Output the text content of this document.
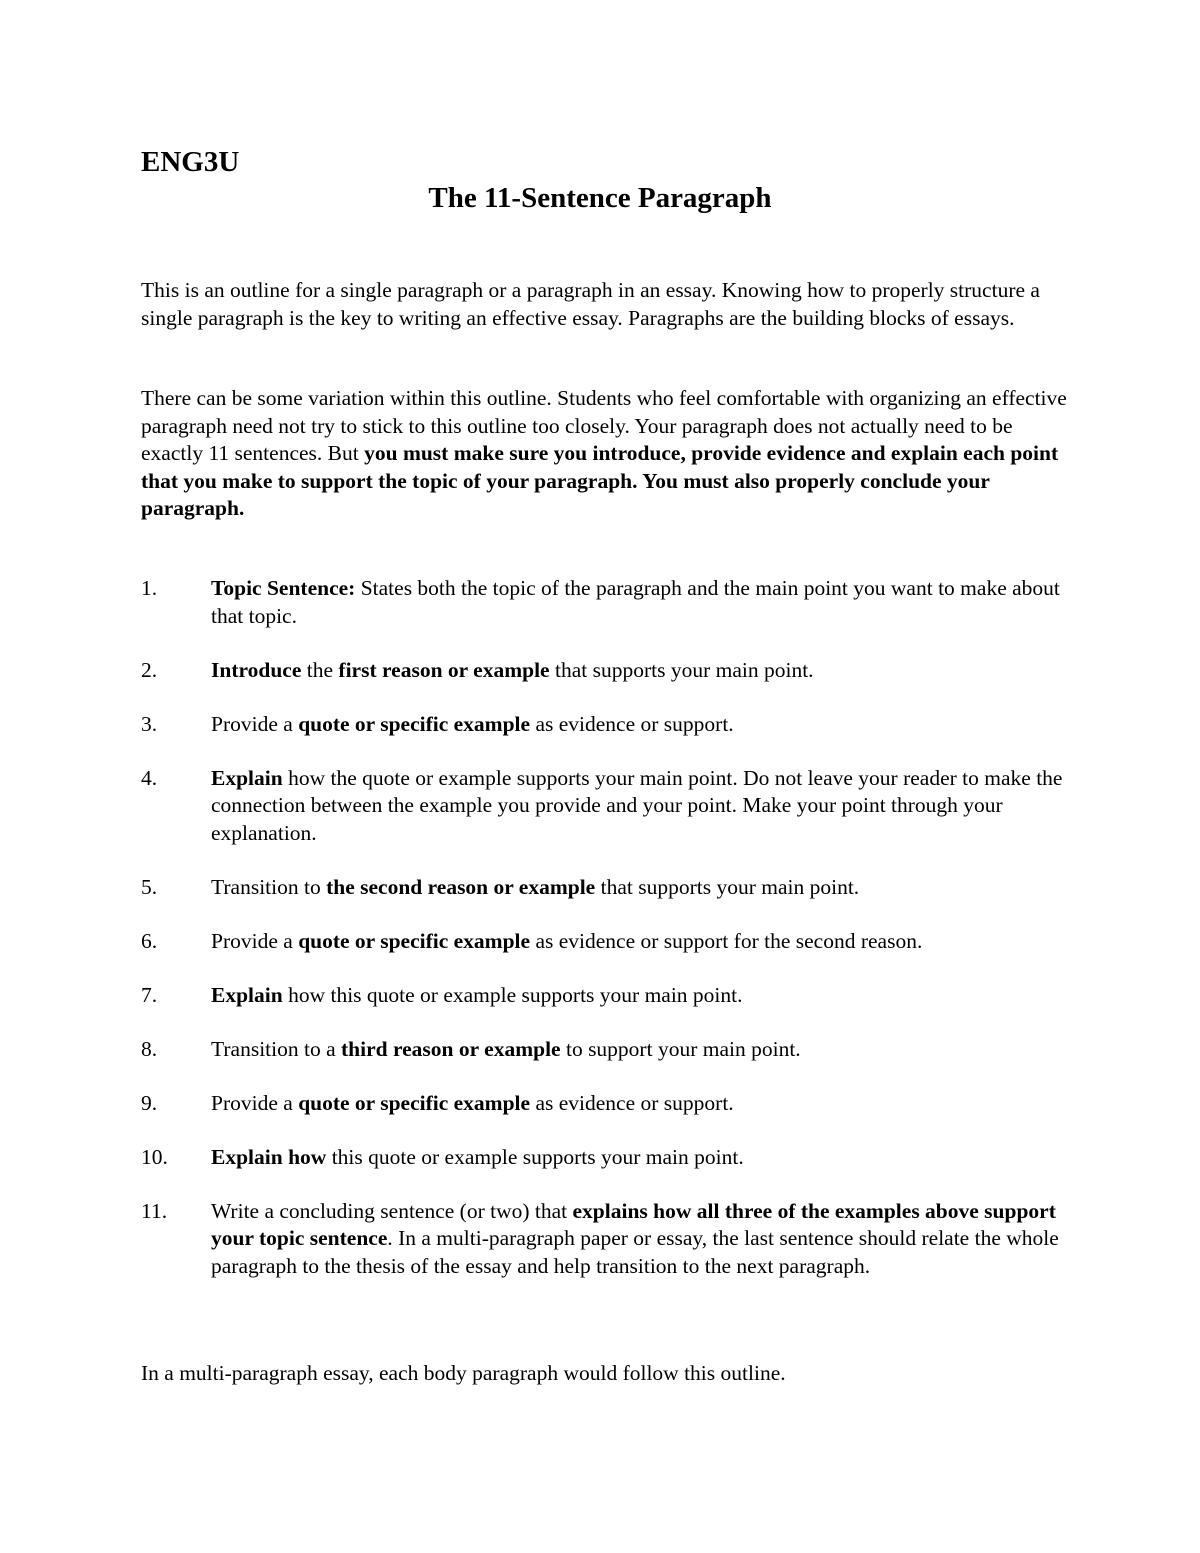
ENG3U
The 11-Sentence Paragraph

This is an outline for a single paragraph or a paragraph in an essay. Knowing how to properly structure a single paragraph is the key to writing an effective essay. Paragraphs are the building blocks of essays.

There can be some variation within this outline. Students who feel comfortable with organizing an effective paragraph need not try to stick to this outline too closely. Your paragraph does not actually need to be exactly 11 sentences. But you must make sure you introduce, provide evidence and explain each point that you make to support the topic of your paragraph. You must also properly conclude your paragraph.

1.	Topic Sentence: States both the topic of the paragraph and the main point you want to make about that topic.
2.	Introduce the first reason or example that supports your main point.
3.	Provide a quote or specific example as evidence or support.
4.	Explain how the quote or example supports your main point. Do not leave your reader to make the connection between the example you provide and your point. Make your point through your explanation.
5.	Transition to the second reason or example that supports your main point.
6.	Provide a quote or specific example as evidence or support for the second reason.
7.	Explain how this quote or example supports your main point.
8.	Transition to a third reason or example to support your main point.
9.	Provide a quote or specific example as evidence or support.
10. Explain how this quote or example supports your main point.
11. Write a concluding sentence (or two) that explains how all three of the examples above support your topic sentence. In a multi-paragraph paper or essay, the last sentence should relate the whole paragraph to the thesis of the essay and help transition to the next paragraph.

In a multi-paragraph essay, each body paragraph would follow this outline.
